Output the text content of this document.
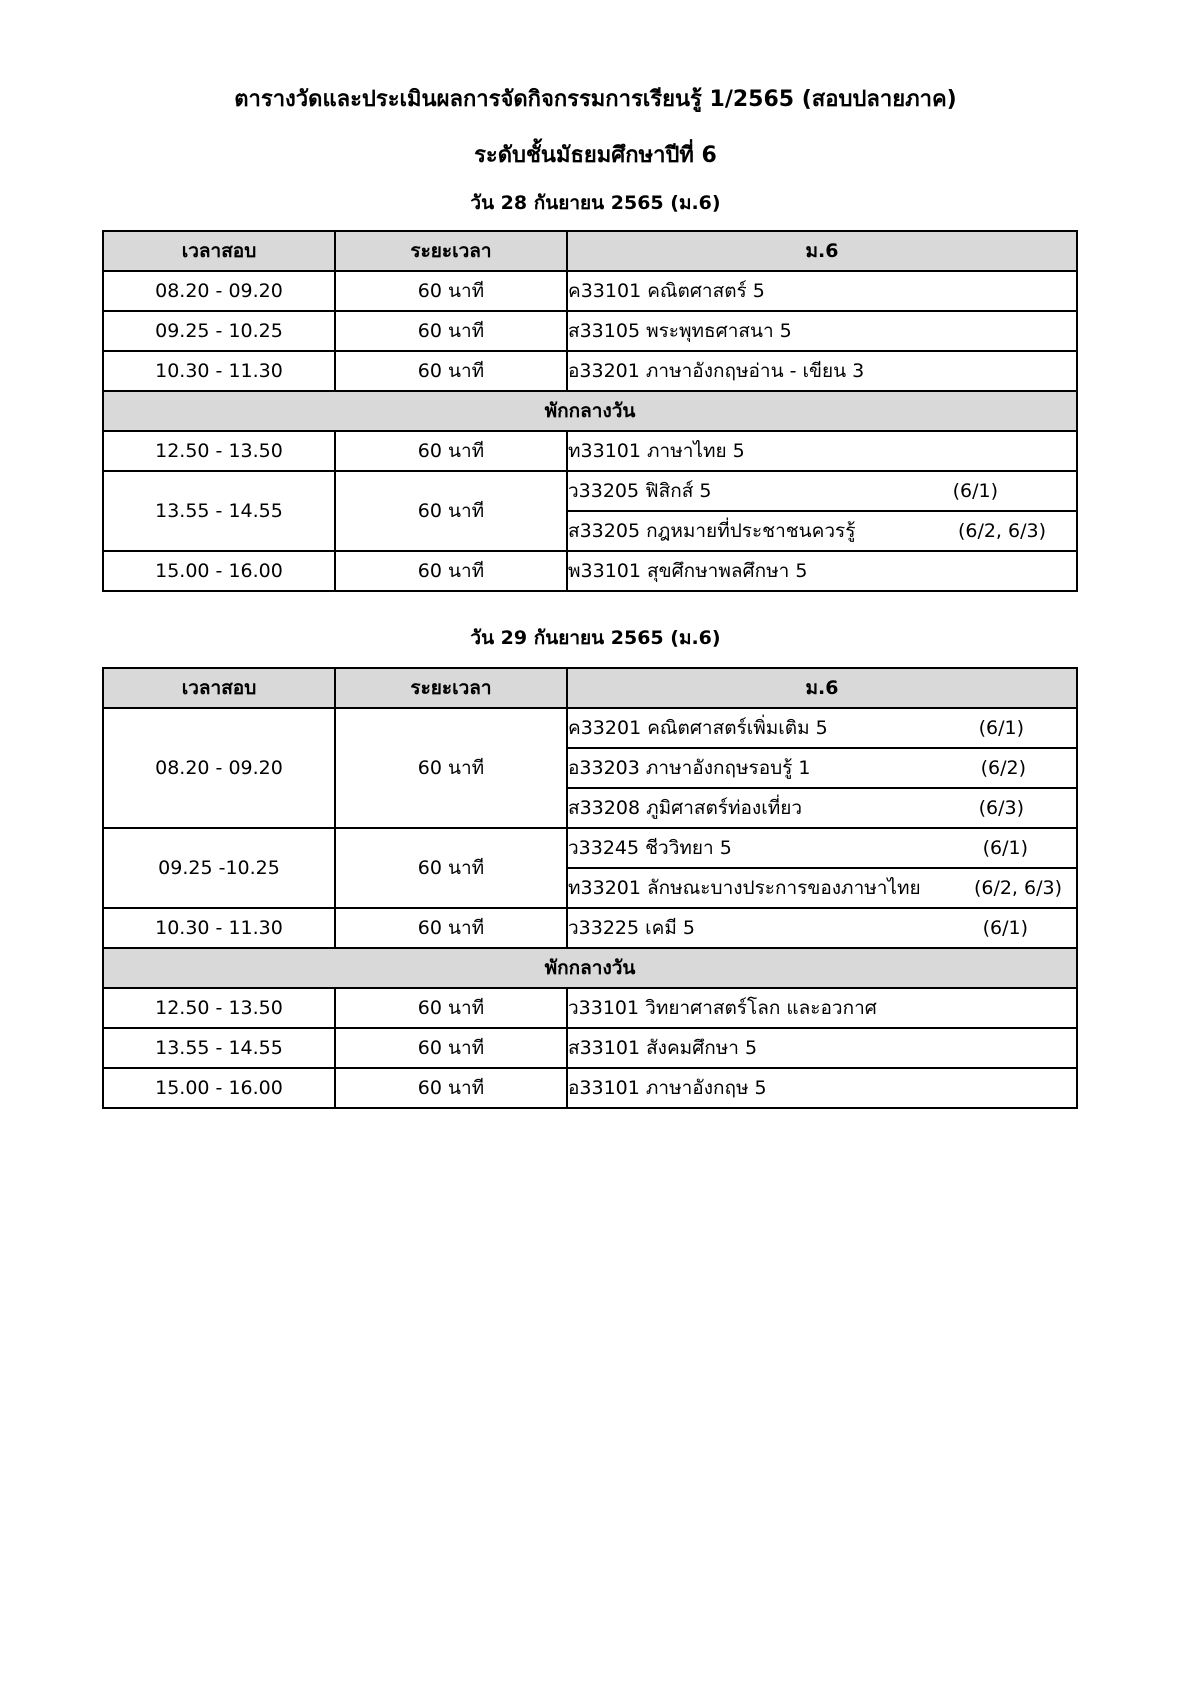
ตารางวัดและประเมินผลการจัดกิจกรรมการเรียนรู้ 1/2565 (สอบปลายภาค)
ระดับชั้นมัธยมศึกษาปีที่ 6
วัน 28 กันยายน 2565 (ม.6)
เวลาสอบ	ระยะเวลา	ม.6
08.20 - 09.20	60 นาที	ค33101 คณิตศาสตร์ 5

09.25 - 10.25	60 นาที	ส33105 พระพุทธศาสนา 5

10.30 - 11.30	60 นาที	อ33201 ภาษาอังกฤษอ่าน - เขียน 3

พักกลางวัน		
12.50 - 13.50	60 นาที	ท33101 ภาษาไทย 5

13.55 - 14.55	60 นาที	ว33205 ฟิสิกส์ 5 (6/1)

		ส33205 กฎหมายที่ประชาชนควรรู้ (6/2, 6/3)

15.00 - 16.00	60 นาที	พ33101 สุขศึกษาพลศึกษา 5
วัน 29 กันยายน 2565 (ม.6)
เวลาสอบ	ระยะเวลา	ม.6
08.20 - 09.20	60 นาที	ค33201 คณิตศาสตร์เพิ่มเติม 5 (6/1)

		อ33203 ภาษาอังกฤษรอบรู้ 1 (6/2)

		ส33208 ภูมิศาสตร์ท่องเที่ยว (6/3)

09.25 -10.25	60 นาที	ว33245 ชีววิทยา 5 (6/1)

		ท33201 ลักษณะบางประการของภาษาไทย (6/2, 6/3)

10.30 - 11.30	60 นาที	ว33225 เคมี 5 (6/1)

พักกลางวัน		
12.50 - 13.50	60 นาที	ว33101 วิทยาศาสตร์โลก และอวกาศ

13.55 - 14.55	60 นาที	ส33101 สังคมศึกษา 5

15.00 - 16.00	60 นาที	อ33101 ภาษาอังกฤษ 5
